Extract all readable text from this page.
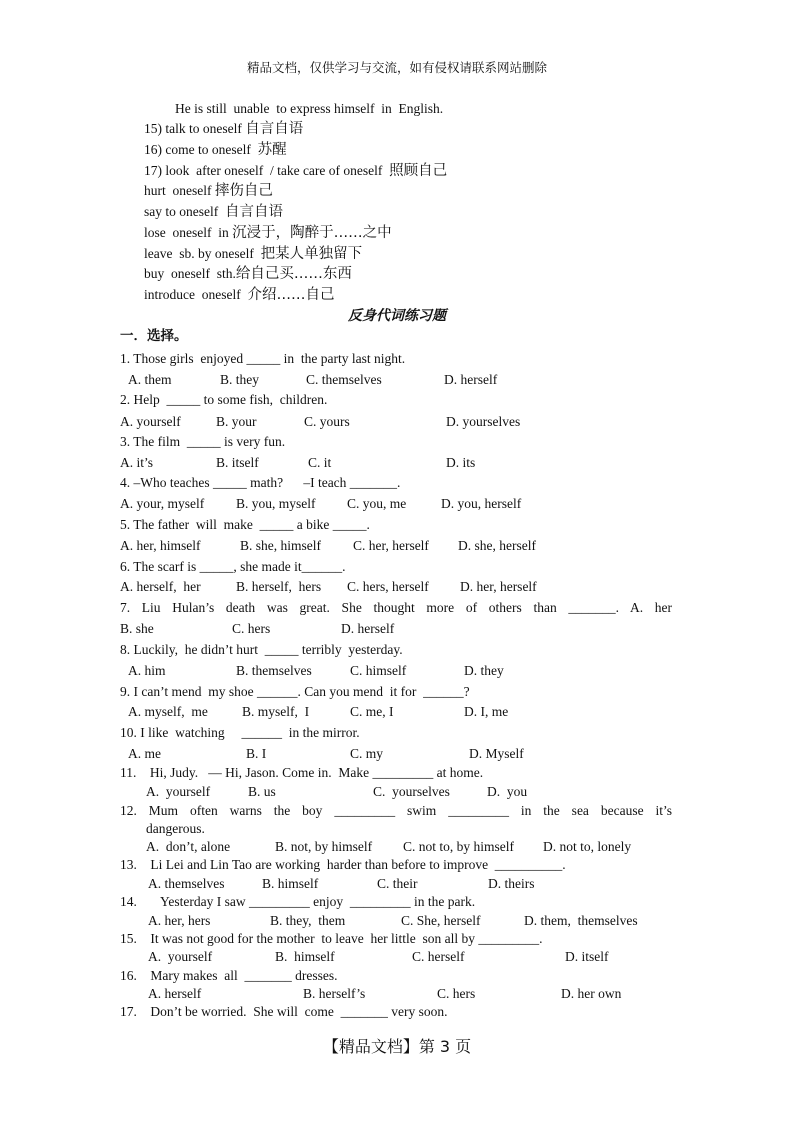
精品文档，仅供学习与交流，如有侵权请联系网站删除
He is still  unable  to express himself  in  English.
15) talk to oneself 自言自语
16) come to oneself  苏醒
17) look  after oneself  / take care of oneself  照顾自己
hurt  oneself 摔伤自己
say to oneself  自言自语
lose  oneself  in 沉浸于，陶醉于……之中
leave  sb. by oneself  把某人单独留下
buy  oneself  sth.给自己买……东西
introduce  oneself  介绍……自己
反身代词练习题
一．选择。
1. Those girls  enjoyed _____ in  the party last night.
A. them	B. they	C. themselves	D. herself
2. Help  _____ to some fish,  children.
A. yourself	B. your	C. yours	D. yourselves
3. The film  _____ is very fun.
A. it’s	B. itself	C. it	D. its
4. –Who teaches _____ math?      –I teach _______.
A. your, myself B. you, myself C. you, me	D. you, herself
5. The father  will  make  _____ a bike _____.
A. her, himself	B. she, himself C. her, herself D. she, herself
6. The scarf is _____, she made it______.
A. herself,  her	B. herself,  hers C. hers, herself D. her, herself
7. Liu Hulan’s death was great. She thought more of others than _______. A. her
B. she	C. hers	D. herself
8. Luckily,  he didn’t hurt  _____ terribly  yesterday.
A. him	B. themselves	C. himself	D. they
9. I can’t mend  my shoe ______. Can you mend  it for  ______?
A. myself,  me	B. myself,  I	C. me, I	D. I, me
10. I like  watching     ______  in the mirror.
A. me	B. I	C. my	D. Myself
11.    Hi, Judy.   — Hi, Jason. Come in.  Make _________ at home.
A.  yourself	B. us	C.  yourselves	D.  you
12. Mum often warns the boy _________ swim _________ in the sea because it’s
dangerous.
A.  don’t, alone	B. not, by himself C. not to, by himself D. not to, lonely
13.    Li Lei and Lin Tao are working  harder than before to improve  __________.
A. themselves	B. himself	C. their	D. theirs
14.       Yesterday I saw _________ enjoy  _________ in the park.
A. her, hers	B. they,  them	C. She, herself	D. them,  themselves
15.    It was not good for the mother  to leave  her little  son all by _________.
A.  yourself	B.  himself	C. herself	D. itself
16.    Mary makes  all  _______ dresses.
A. herself	B. herself’s	C. hers	D. her own
17.    Don’t be worried.  She will  come  _______ very soon.
【精品文档】第 3 页
